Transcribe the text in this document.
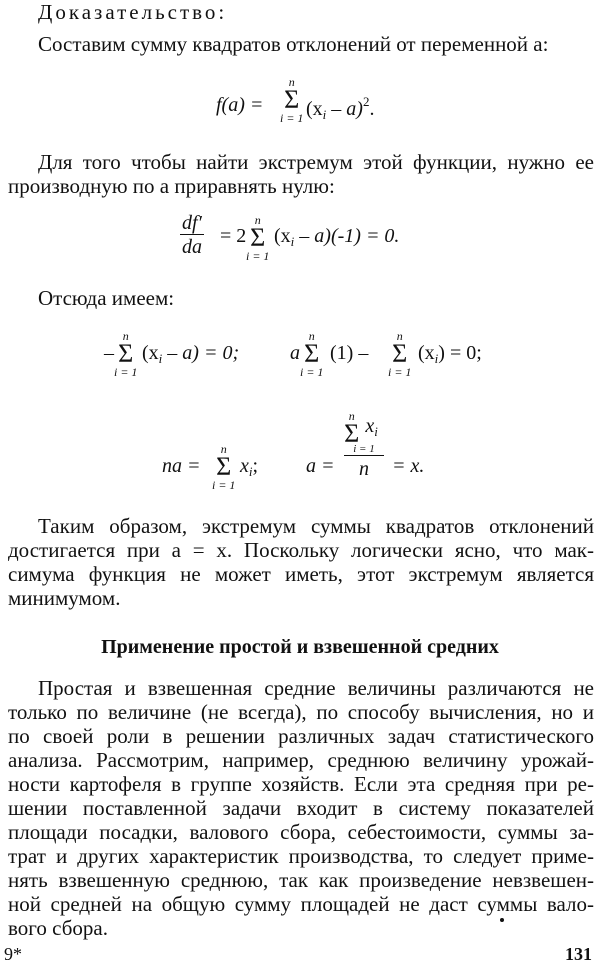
Доказательство:
Составим сумму квадратов отклонений от переменной a:
f(a) =
n
Σ
i = 1 $(x_i - a)^2$.
Для того чтобы найти экстремум этой функции, нужно ее
производную по a приравнять нулю:
$\frac{df'}{da} = 2$
n
Σ
i = 1
$(x_i - a)(-1) = 0$.
Отсюда имеем:
–
n
Σ
i = 1
$(x_i - a) = 0$;	a
n
Σ
i = 1
(1) –
n
Σ
i = 1
$(x_i) = 0$;
na =
n
Σ
i = 1
$x_i$; a =
n
Σ $x_i$
i = 1
n	= x.
Таким образом, экстремум суммы квадратов отклонений
достигается при a = x. Поскольку логически ясно, что мак-
симума функция не может иметь, этот экстремум является
минимумом.
Применение простой и взвешенной средних
Простая и взвешенная средние величины различаются не
только по величине (не всегда), по способу вычисления, но и
по своей роли в решении различных задач статистического
анализа. Рассмотрим, например, среднюю величину урожай-
ности картофеля в группе хозяйств. Если эта средняя при ре-
шении поставленной задачи входит в систему показателей
площади посадки, валового сбора, себестоимости, суммы за-
трат и других характеристик производства, то следует приме-
нять взвешенную среднюю, так как произведение невзвешен-
ной средней на общую сумму площадей не даст суммы вало-
вого сбора.
9*	131
